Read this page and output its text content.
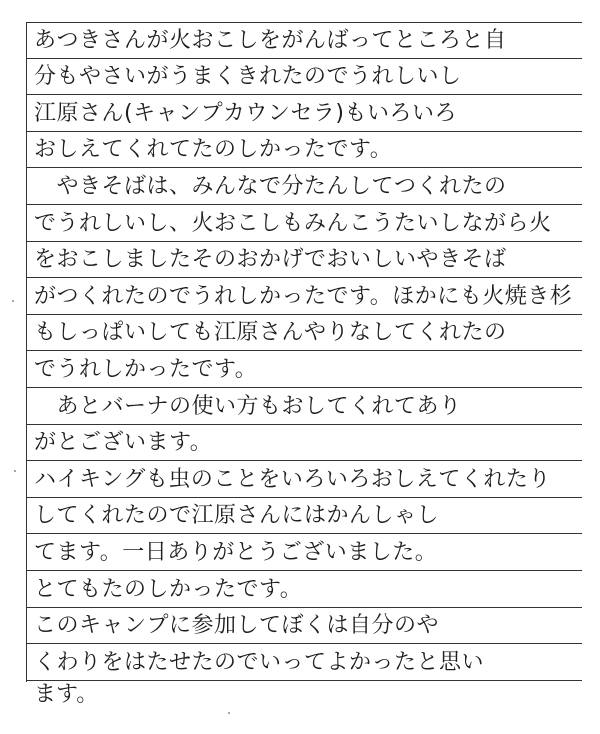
あつきさんが火おこしをがんばってところと自
分もやさいがうまくきれたのでうれしいし
江原さん(キャンプカウンセラ)もいろいろ
おしえてくれてたのしかったです。
　やきそばは、みんなで分たんしてつくれたの
でうれしいし、火おこしもみんこうたいしながら火
をおこしましたそのおかげでおいしいやきそば
がつくれたのでうれしかったです。ほかにも火焼き杉
もしっぱいしても江原さんやりなしてくれたの
でうれしかったです。
　あとバーナの使い方もおしてくれてあり
がとございます。
ハイキングも虫のことをいろいろおしえてくれたり
してくれたので江原さんにはかんしゃし
てます。一日ありがとうございました。
とてもたのしかったです。
このキャンプに参加してぼくは自分のや
くわりをはたせたのでいってよかったと思い
ます。
